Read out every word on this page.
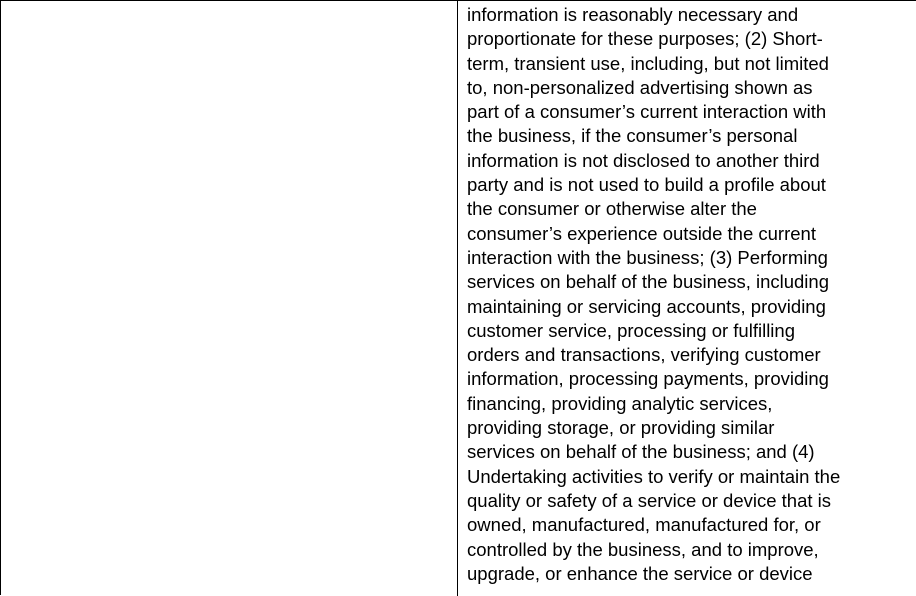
information is reasonably necessary and
proportionate for these purposes; (2) Short-
term, transient use, including, but not limited
to, non-personalized advertising shown as
part of a consumer’s current interaction with
the business, if the consumer’s personal
information is not disclosed to another third
party and is not used to build a profile about
the consumer or otherwise alter the
consumer’s experience outside the current
interaction with the business; (3) Performing
services on behalf of the business, including
maintaining or servicing accounts, providing
customer service, processing or fulfilling
orders and transactions, verifying customer
information, processing payments, providing
financing, providing analytic services,
providing storage, or providing similar
services on behalf of the business; and (4)
Undertaking activities to verify or maintain the
quality or safety of a service or device that is
owned, manufactured, manufactured for, or
controlled by the business, and to improve,
upgrade, or enhance the service or device
